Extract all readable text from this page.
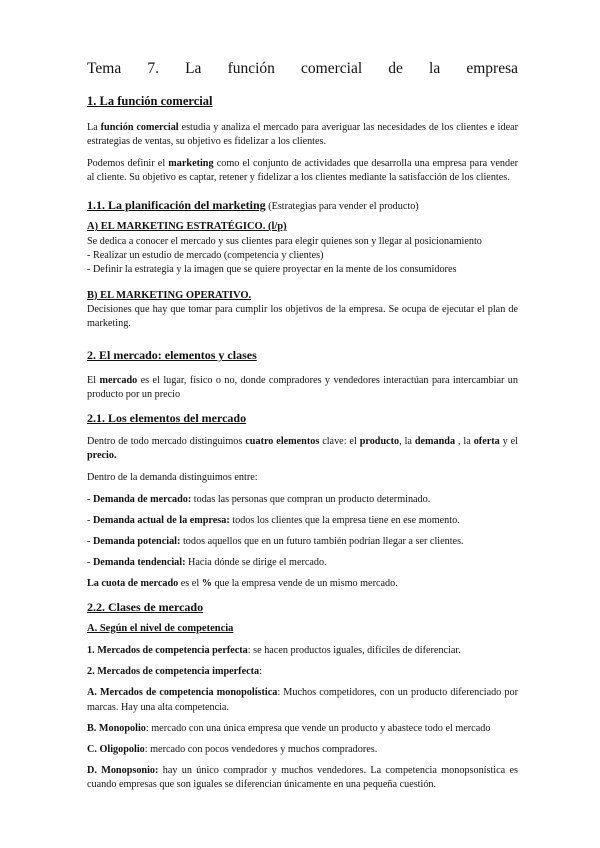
Tema 7. La función comercial de la empresa
1. La función comercial

La función comercial estudia y analiza el mercado para averiguar las necesidades de los clientes e idear estrategias de ventas, su objetivo es fidelizar a los clientes.

Podemos definir el marketing como el conjunto de actividades que desarrolla una empresa para vender al cliente. Su objetivo es captar, retener y fidelizar a los clientes mediante la satisfacción de los clientes.

1.1. La planificación del marketing (Estrategias para vender el producto)
A) EL MARKETING ESTRATÉGICO. (l/p)
Se dedica a conocer el mercado y sus clientes para elegir quienes son y llegar al posicionamiento
- Realizar un estudio de mercado (competencia y clientes)
- Definir la estrategia y la imagen que se quiere proyectar en la mente de los consumidores
B) EL MARKETING OPERATIVO.

Decisiones que hay que tomar para cumplir los objetivos de la empresa. Se ocupa de ejecutar el plan de marketing.

2. El mercado: elementos y clases

El mercado es el lugar, físico o no, donde compradores y vendedores interactúan para intercambiar un producto por un precio

2.1. Los elementos del mercado

Dentro de todo mercado distinguimos cuatro elementos clave: el producto, la demanda , la oferta y el precio.

Dentro de la demanda distinguimos entre:

- Demanda de mercado: todas las personas que compran un producto determinado.
- Demanda actual de la empresa: todos los clientes que la empresa tiene en ese momento.
- Demanda potencial: todos aquellos que en un futuro también podrían llegar a ser clientes.
- Demanda tendencial: Hacia dónde se dirige el mercado.

La cuota de mercado es el % que la empresa vende de un mismo mercado.

2.2. Clases de mercado
A. Según el nivel de competencia
1. Mercados de competencia perfecta: se hacen productos iguales, difíciles de diferenciar.
2. Mercados de competencia imperfecta:
A. Mercados de competencia monopolística: Muchos competidores, con un producto diferenciado por marcas. Hay una alta competencia.
B. Monopolio: mercado con una única empresa que vende un producto y abastece todo el mercado
C. Oligopolio: mercado con pocos vendedores y muchos compradores.
D. Monopsonio: hay un único comprador y muchos vendedores. La competencia monopsonística es cuando empresas que son iguales se diferencian únicamente en una pequeña cuestión.
